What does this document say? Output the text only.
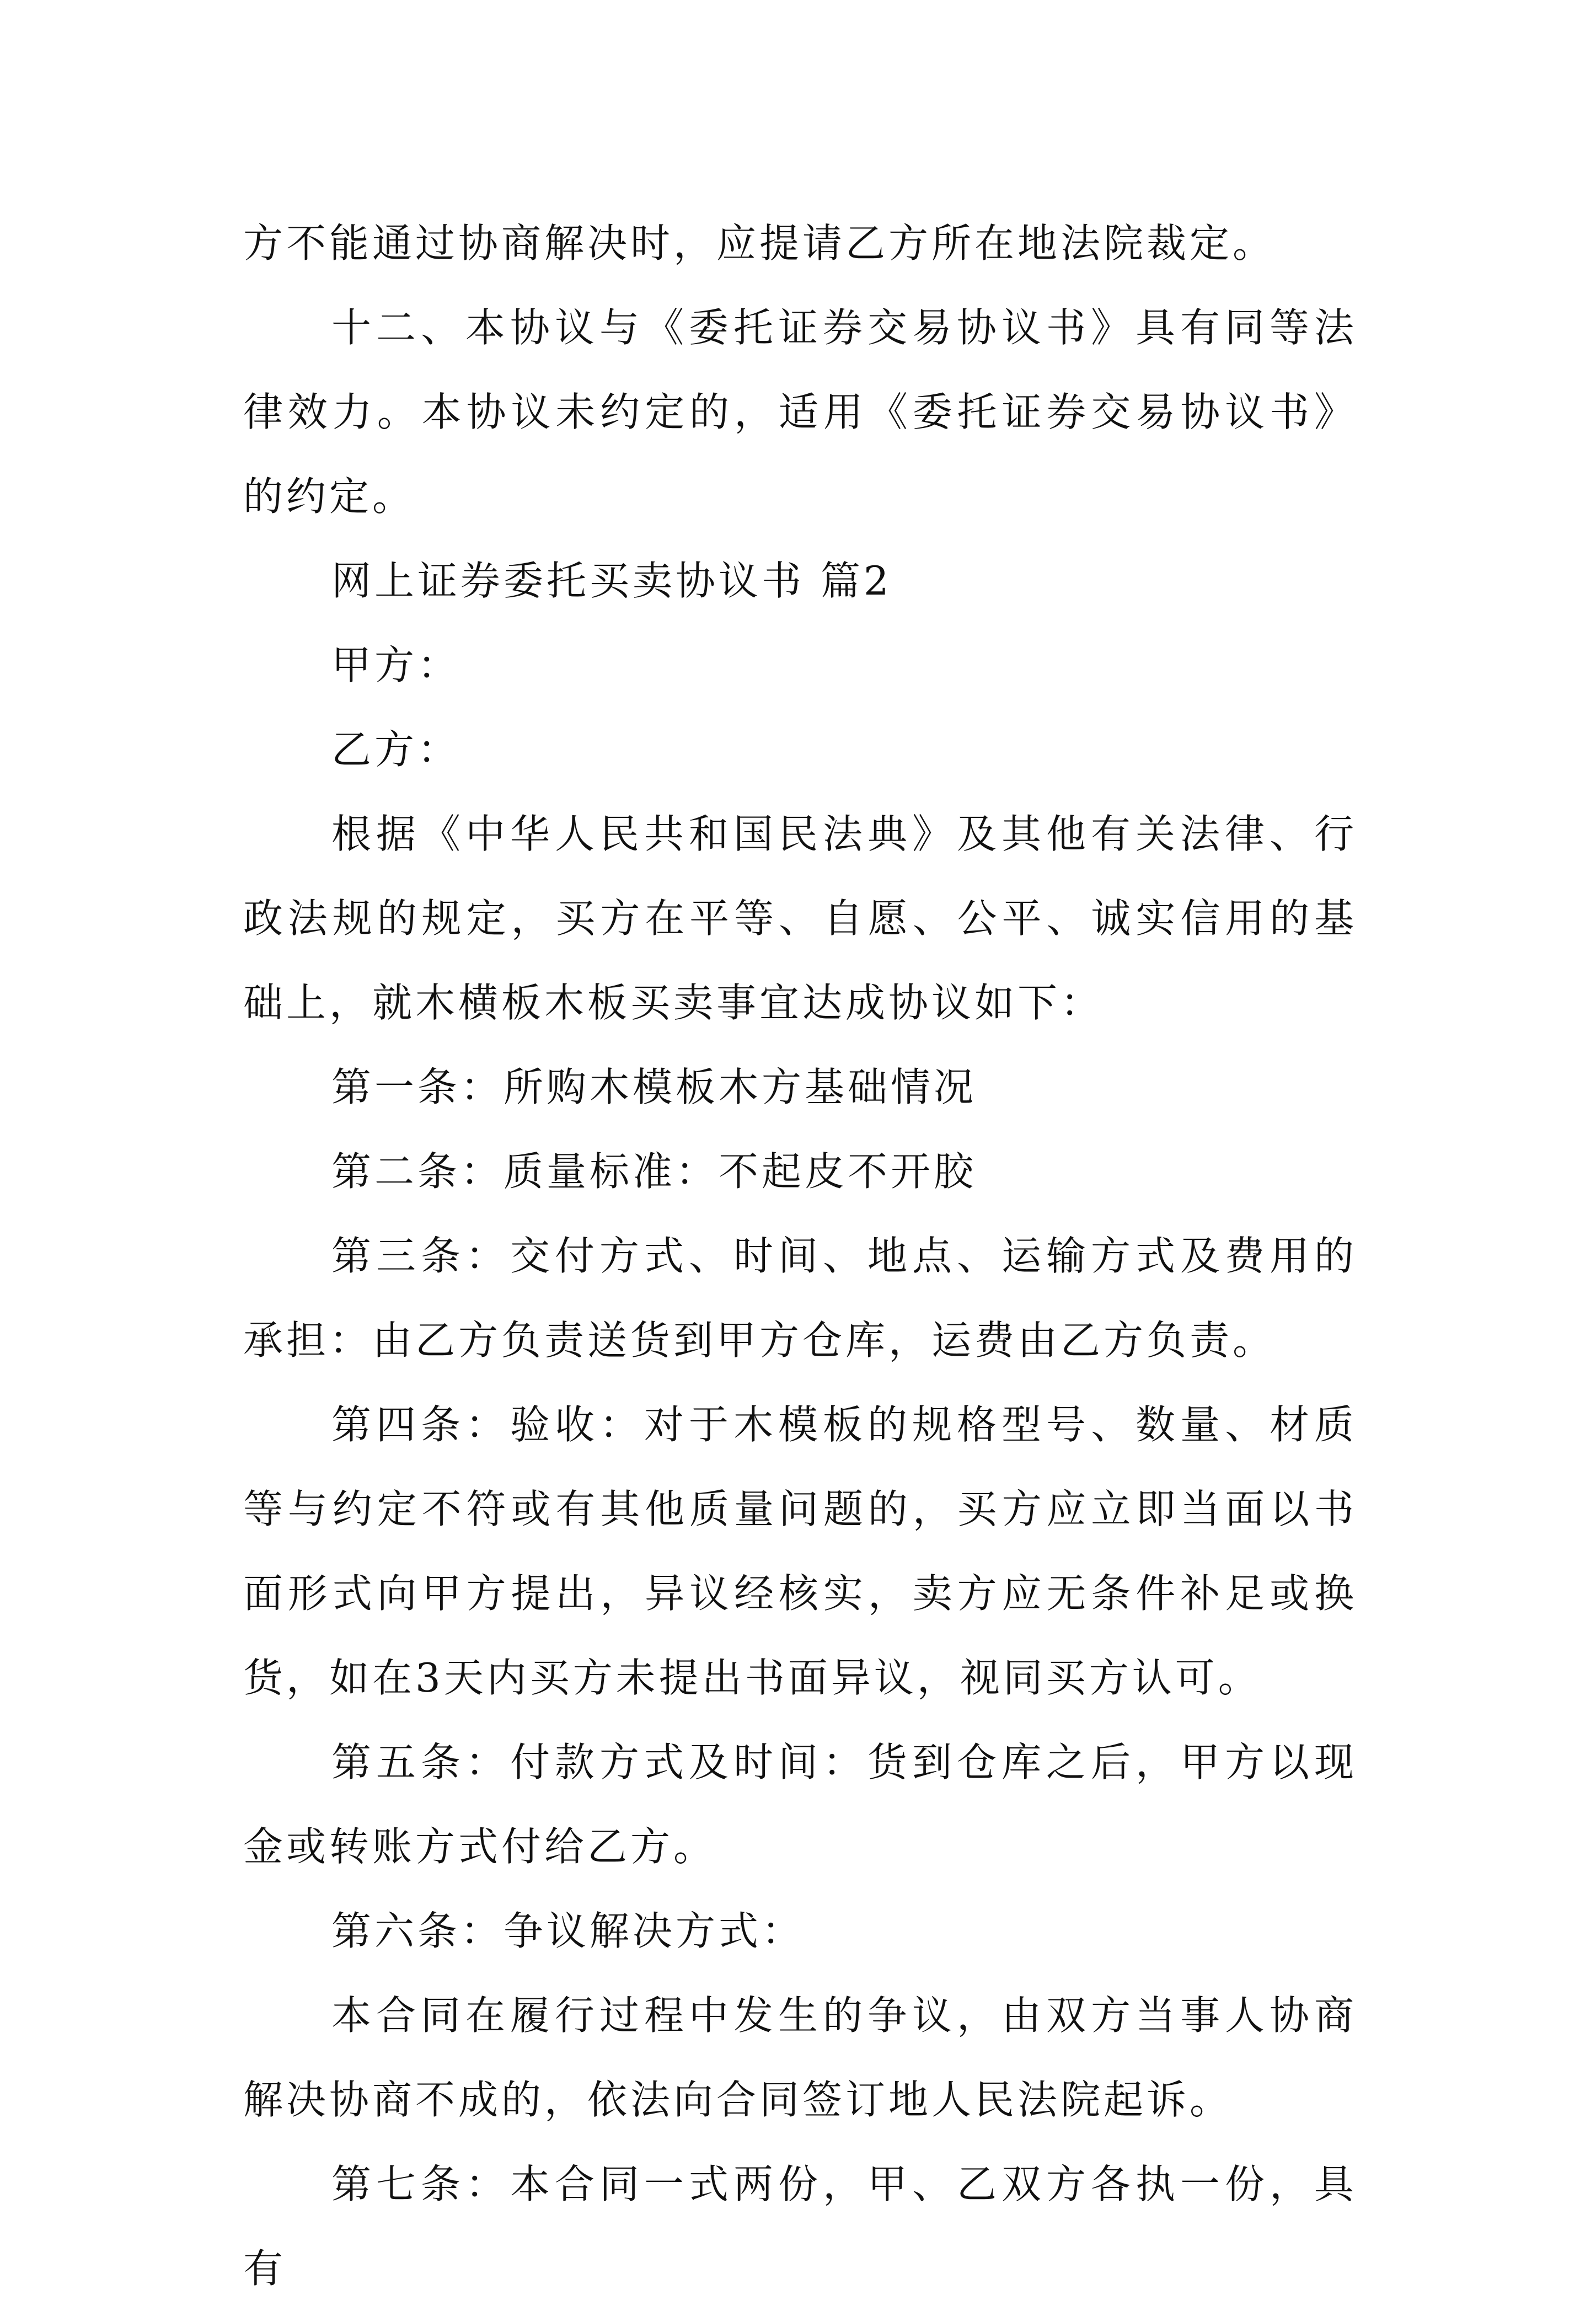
方不能通过协商解决时，应提请乙方所在地法院裁定。

十二、本协议与《委托证券交易协议书》具有同等法律效力。本协议未约定的，适用《委托证券交易协议书》的约定。

网上证券委托买卖协议书 篇2

甲方：

乙方：

根据《中华人民共和国民法典》及其他有关法律、行政法规的规定，买方在平等、自愿、公平、诚实信用的基础上，就木横板木板买卖事宜达成协议如下：

第一条：所购木模板木方基础情况

第二条：质量标准：不起皮不开胶

第三条：交付方式、时间、地点、运输方式及费用的承担：由乙方负责送货到甲方仓库，运费由乙方负责。

第四条：验收：对于木模板的规格型号、数量、材质等与约定不符或有其他质量问题的，买方应立即当面以书面形式向甲方提出，异议经核实，卖方应无条件补足或换货，如在3天内买方未提出书面异议，视同买方认可。

第五条：付款方式及时间：货到仓库之后，甲方以现金或转账方式付给乙方。

第六条：争议解决方式：

本合同在履行过程中发生的争议，由双方当事人协商解决协商不成的，依法向合同签订地人民法院起诉。

第七条：本合同一式两份，甲、乙双方各执一份，具有
